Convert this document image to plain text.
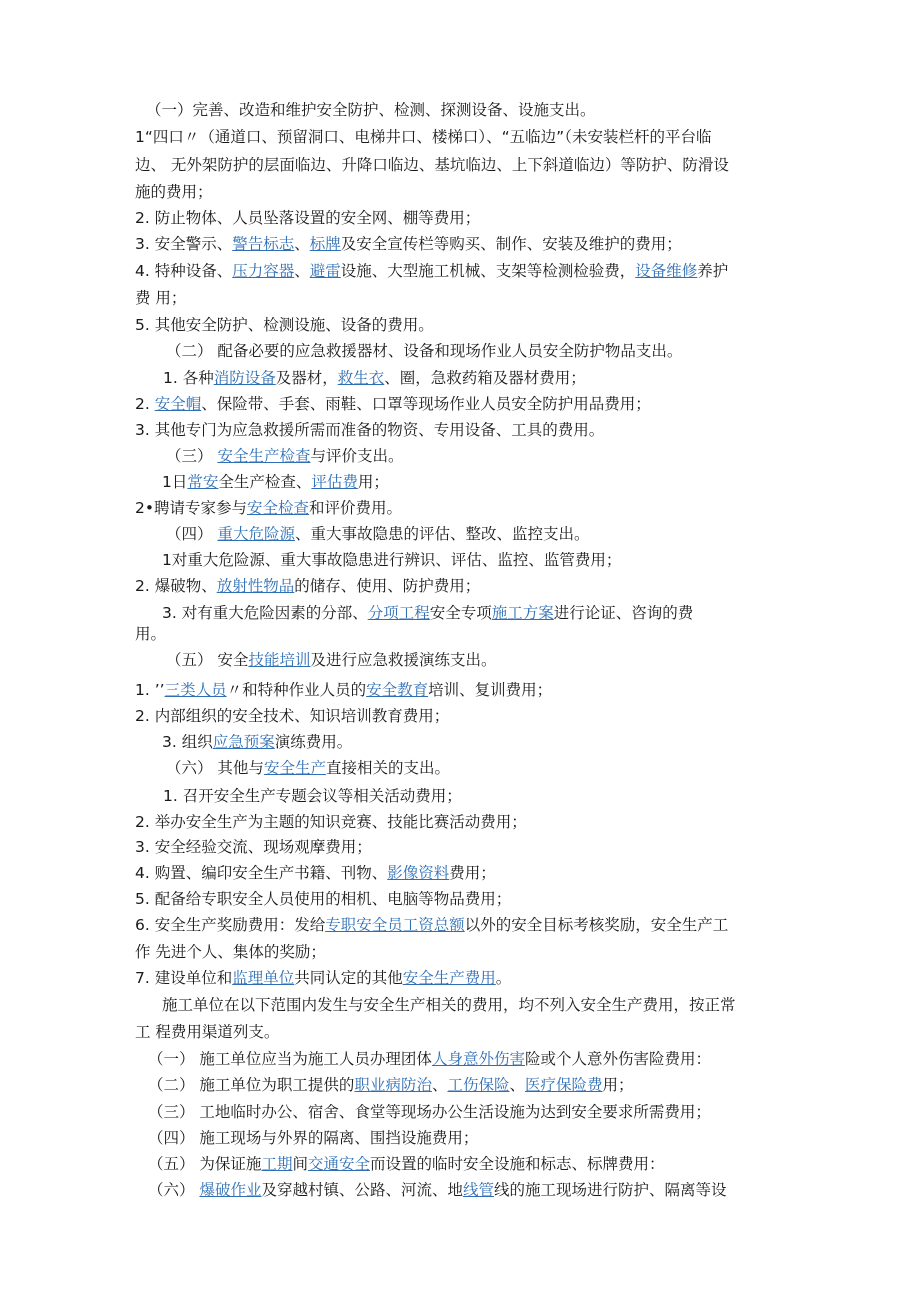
（一）完善、改造和维护安全防护、检测、探测设备、设施支出。
1“四口〃（通道口、预留洞口、电梯井口、楼梯口）、“五临边”（未安装栏杆的平台临
边、 无外架防护的层面临边、升降口临边、基坑临边、上下斜道临边）等防护、防滑设
施的费用；
2. 防止物体、人员坠落设置的安全网、棚等费用；
3. 安全警示、警告标志、标牌及安全宣传栏等购买、制作、安装及维护的费用；
4. 特种设备、压力容器、避雷设施、大型施工机械、支架等检测检验费，设备维修养护
费 用；
5. 其他安全防护、检测设施、设备的费用。
（二） 配备必要的应急救援器材、设备和现场作业人员安全防护物品支出。
1. 各种消防设备及器材，救生衣、圈，急救药箱及器材费用；
2. 安全帽、保险带、手套、雨鞋、口罩等现场作业人员安全防护用品费用；
3. 其他专门为应急救援所需而准备的物资、专用设备、工具的费用。
（三） 安全生产检查与评价支出。
1日常安全生产检查、评估费用；
2•聘请专家参与安全检查和评价费用。
（四） 重大危险源、重大事故隐患的评估、整改、监控支出。
1对重大危险源、重大事故隐患进行辨识、评估、监控、监管费用；
2. 爆破物、放射性物品的储存、使用、防护费用；
3. 对有重大危险因素的分部、分项工程安全专项施工方案进行论证、咨询的费
用。
（五） 安全技能培训及进行应急救援演练支出。
1. ’’三类人员〃和特种作业人员的安全教育培训、复训费用；
2. 内部组织的安全技术、知识培训教育费用；
3. 组织应急预案演练费用。
（六） 其他与安全生产直接相关的支出。
1. 召开安全生产专题会议等相关活动费用；
2. 举办安全生产为主题的知识竞赛、技能比赛活动费用；
3. 安全经验交流、现场观摩费用；
4. 购置、编印安全生产书籍、刊物、影像资料费用；
5. 配备给专职安全人员使用的相机、电脑等物品费用；
6. 安全生产奖励费用：发给专职安全员工资总额以外的安全目标考核奖励，安全生产工
作 先进个人、集体的奖励；
7. 建设单位和监理单位共同认定的其他安全生产费用。
施工单位在以下范围内发生与安全生产相关的费用，均不列入安全生产费用，按正常
工 程费用渠道列支。
（一） 施工单位应当为施工人员办理团体人身意外伤害险或个人意外伤害险费用：
（二） 施工单位为职工提供的职业病防治、工伤保险、医疗保险费用；
（三） 工地临时办公、宿舍、食堂等现场办公生活设施为达到安全要求所需费用；
（四） 施工现场与外界的隔离、围挡设施费用；
（五） 为保证施工期间交通安全而设置的临时安全设施和标志、标牌费用：
（六） 爆破作业及穿越村镇、公路、河流、地线管线的施工现场进行防护、隔离等设
